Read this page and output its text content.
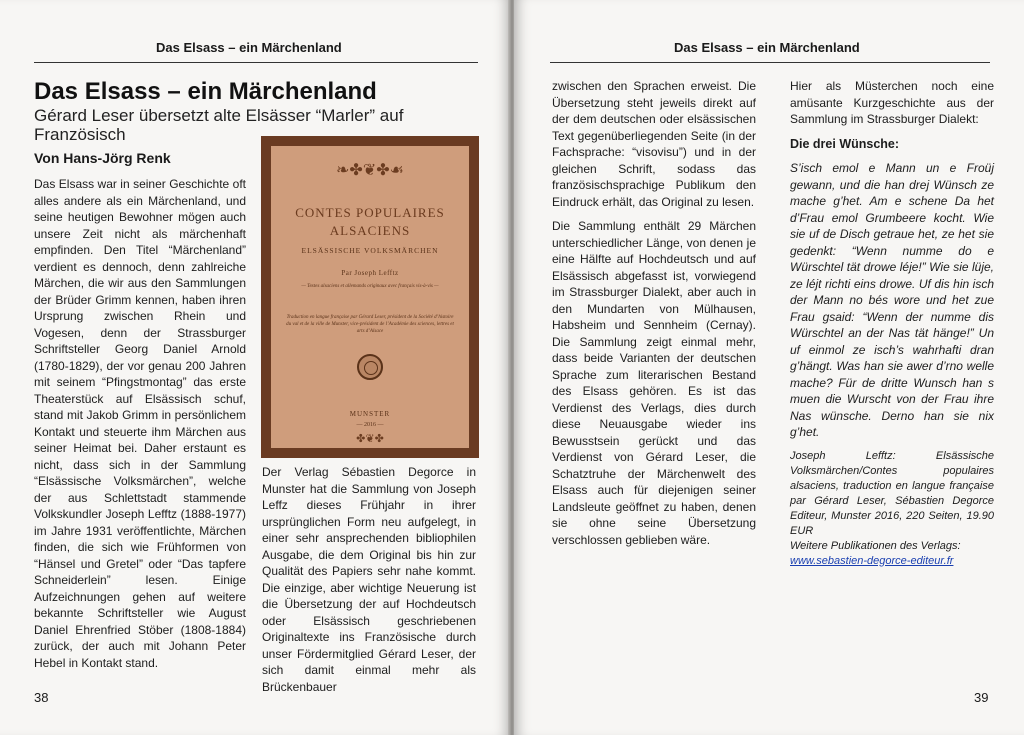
Das Elsass – ein Märchenland
Das Elsass – ein Märchenland
Gérard Leser übersetzt alte Elsässer “Marler” auf Französisch
Von Hans-Jörg Renk

Das Elsass war in seiner Geschichte oft alles andere als ein Märchenland, und seine heutigen Bewohner mögen auch unsere Zeit nicht als märchenhaft empfinden. Den Titel “Märchenland” verdient es dennoch, denn zahlreiche Märchen, die wir aus den Sammlungen der Brüder Grimm kennen, haben ihren Ursprung zwischen Rhein und Vogesen, denn der Strassburger Schriftsteller Georg Daniel Arnold (1780-1829), der vor genau 200 Jahren mit seinem “Pfingstmontag” das erste Theaterstück auf Elsässisch schuf, stand mit Jakob Grimm in persönlichem Kontakt und steuerte ihm Märchen aus seiner Heimat bei. Daher erstaunt es nicht, dass sich in der Sammlung “Elsässische Volksmärchen”, welche der aus Schlettstadt stammende Volkskundler Joseph Lefftz (1888-1977) im Jahre 1931 veröffentlichte, Märchen finden, die sich wie Frühformen von “Hänsel und Gretel” oder “Das tapfere Schneiderlein” lesen. Einige Aufzeichnungen gehen auf weitere bekannte Schriftsteller wie August Daniel Ehrenfried Stöber (1808-1884) zurück, der auch mit Johann Peter Hebel in Kontakt stand.

❧✤❦✤☙
CONTES POPULAIRES
ALSACIENS
ELSÄSSISCHE VOLKSMÄRCHEN
Par Joseph Lefftz
— Textes alsaciens et allemands originaux avec français vis-à-vis —
Traduction en langue française par Gérard Leser, président de la Société d’histoire du val et de la ville de Munster, vice-président de l’Académie des sciences, lettres et arts d’Alsace
MUNSTER
— 2016 —
✤❦✤

Der Verlag Sébastien Degorce in Munster hat die Sammlung von Joseph Leffz dieses Frühjahr in ihrer ursprünglichen Form neu aufgelegt, in einer sehr ansprechenden bibliophilen Ausgabe, die dem Original bis hin zur Qualität des Papiers sehr nahe kommt. Die einzige, aber wichtige Neuerung ist die Übersetzung der auf Hochdeutsch oder Elsässisch geschriebenen Originaltexte ins Französische durch unser Fördermitglied Gérard Leser, der sich damit einmal mehr als Brückenbauer

38
Das Elsass – ein Märchenland

zwischen den Sprachen erweist. Die Übersetzung steht jeweils direkt auf der dem deutschen oder elsässischen Text gegenüberliegenden Seite (in der Fachsprache: “visovisu”) und in der gleichen Schrift, sodass das französischsprachige Publikum den Eindruck erhält, das Original zu lesen.

Die Sammlung enthält 29 Märchen unterschiedlicher Länge, von denen je eine Hälfte auf Hochdeutsch und auf Elsässisch abgefasst ist, vorwiegend im Strassburger Dialekt, aber auch in den Mundarten von Mülhausen, Habsheim und Sennheim (Cernay). Die Sammlung zeigt einmal mehr, dass beide Varianten der deutschen Sprache zum literarischen Bestand des Elsass gehören. Es ist das Verdienst des Verlags, dies durch diese Neuausgabe wieder ins Bewusstsein gerückt und das Verdienst von Gérard Leser, die Schatztruhe der Märchenwelt des Elsass auch für diejenigen seiner Landsleute geöffnet zu haben, denen sie ohne seine Übersetzung verschlossen geblieben wäre.

Hier als Müsterchen noch eine amüsante Kurzgeschichte aus der Sammlung im Strassburger Dialekt:

Die drei Wünsche:

S’isch emol e Mann un e Froüj gewann, und die han drej Wünsch ze mache g’het. Am e schene Da het d’Frau emol Grumbeere kocht. Wie sie uf de Disch getraue het, ze het sie gedenkt: “Wenn numme do e Würschtel tät drowe léje!” Wie sie lüje, ze léjt richti eins drowe. Uf dis hin isch der Mann no bés wore und het zue Frau gsaid: “Wenn der numme dis Würschtel an der Nas tät hänge!” Un uf einmol ze isch’s wahrhafti dran g’hängt. Was han sie awer d’rno welle mache? Für de dritte Wunsch han s muen die Wurscht von der Frau ihre Nas wünsche. Derno han sie nix g’het.

Joseph Lefftz: Elsässische Volksmärchen/Contes populaires alsaciens, traduction en langue française par Gérard Leser, Sébastien Degorce Editeur, Munster 2016, 220 Seiten, 19.90 EUR
Weitere Publikationen des Verlags:
www.sebastien-degorce-editeur.fr
39
